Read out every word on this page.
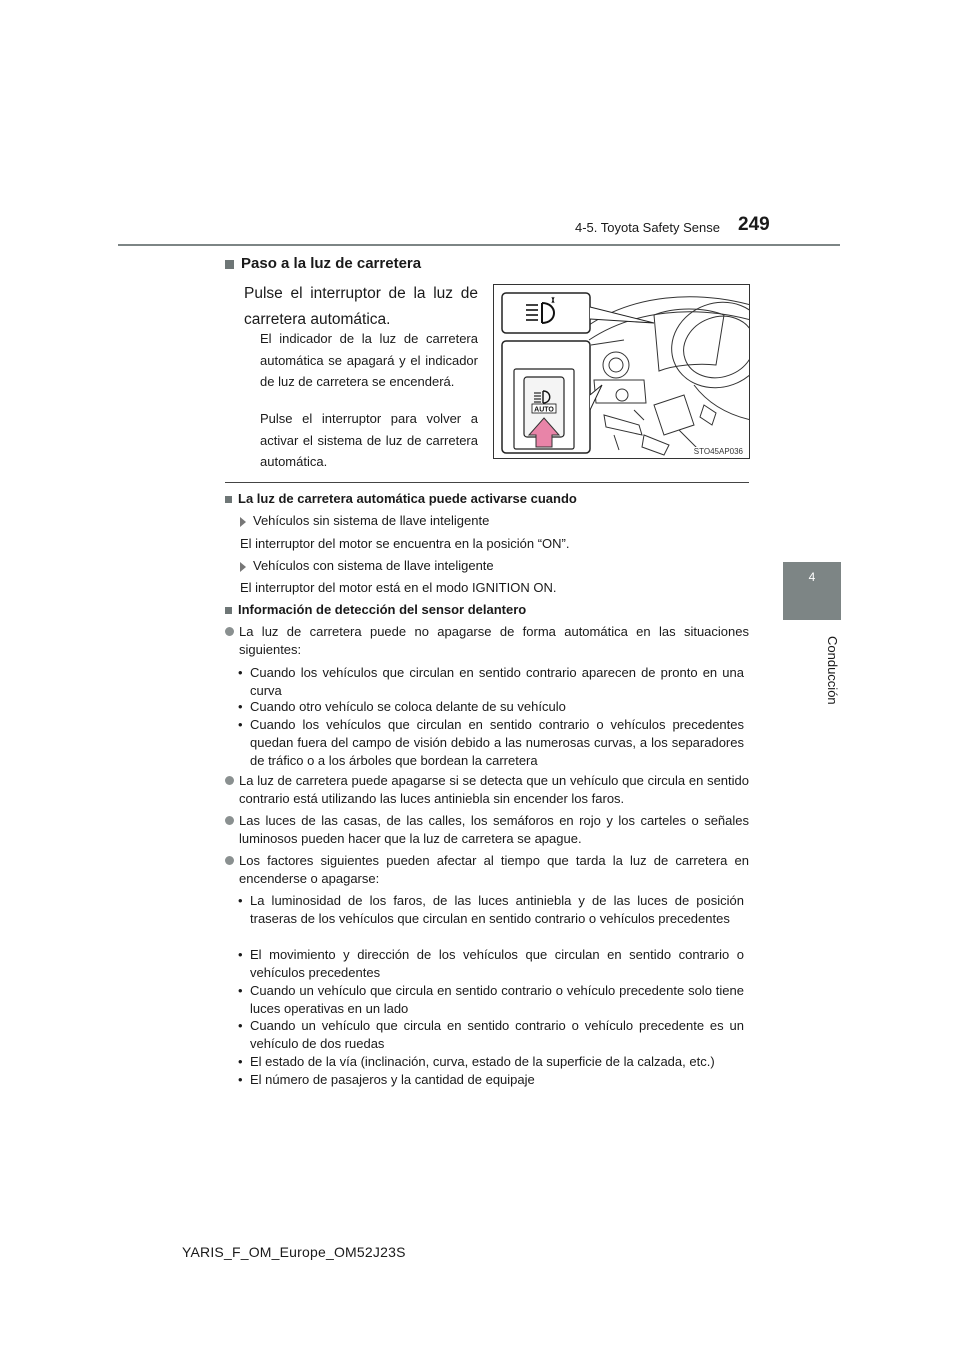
4-5. Toyota Safety Sense 249
4
Conducción
Paso a la luz de carretera
Pulse el interruptor de la luz de carretera automática.
El indicador de la luz de carretera automática se apagará y el indicador de luz de carretera se encenderá.
Pulse el interruptor para volver a activar el sistema de luz de carretera automática.
AUTO
STO45AP036
La luz de carretera automática puede activarse cuando
Vehículos sin sistema de llave inteligente
El interruptor del motor se encuentra en la posición “ON”.
Vehículos con sistema de llave inteligente
El interruptor del motor está en el modo IGNITION ON.
Información de detección del sensor delantero
La luz de carretera puede no apagarse de forma automática en las situaciones siguientes:
• Cuando los vehículos que circulan en sentido contrario aparecen de pronto en una curva
• Cuando otro vehículo se coloca delante de su vehículo
• Cuando los vehículos que circulan en sentido contrario o vehículos precedentes quedan fuera del campo de visión debido a las numerosas curvas, a los separadores de tráfico o a los árboles que bordean la carretera
La luz de carretera puede apagarse si se detecta que un vehículo que circula en sentido contrario está utilizando las luces antiniebla sin encender los faros.
Las luces de las casas, de las calles, los semáforos en rojo y los carteles o señales luminosos pueden hacer que la luz de carretera se apague.
Los factores siguientes pueden afectar al tiempo que tarda la luz de carretera en encenderse o apagarse:
• La luminosidad de los faros, de las luces antiniebla y de las luces de posición traseras de los vehículos que circulan en sentido contrario o vehículos precedentes
• El movimiento y dirección de los vehículos que circulan en sentido contrario o vehículos precedentes
• Cuando un vehículo que circula en sentido contrario o vehículo precedente solo tiene luces operativas en un lado
• Cuando un vehículo que circula en sentido contrario o vehículo precedente es un vehículo de dos ruedas
• El estado de la vía (inclinación, curva, estado de la superficie de la calzada, etc.)
• El número de pasajeros y la cantidad de equipaje
YARIS_F_OM_Europe_OM52J23S
